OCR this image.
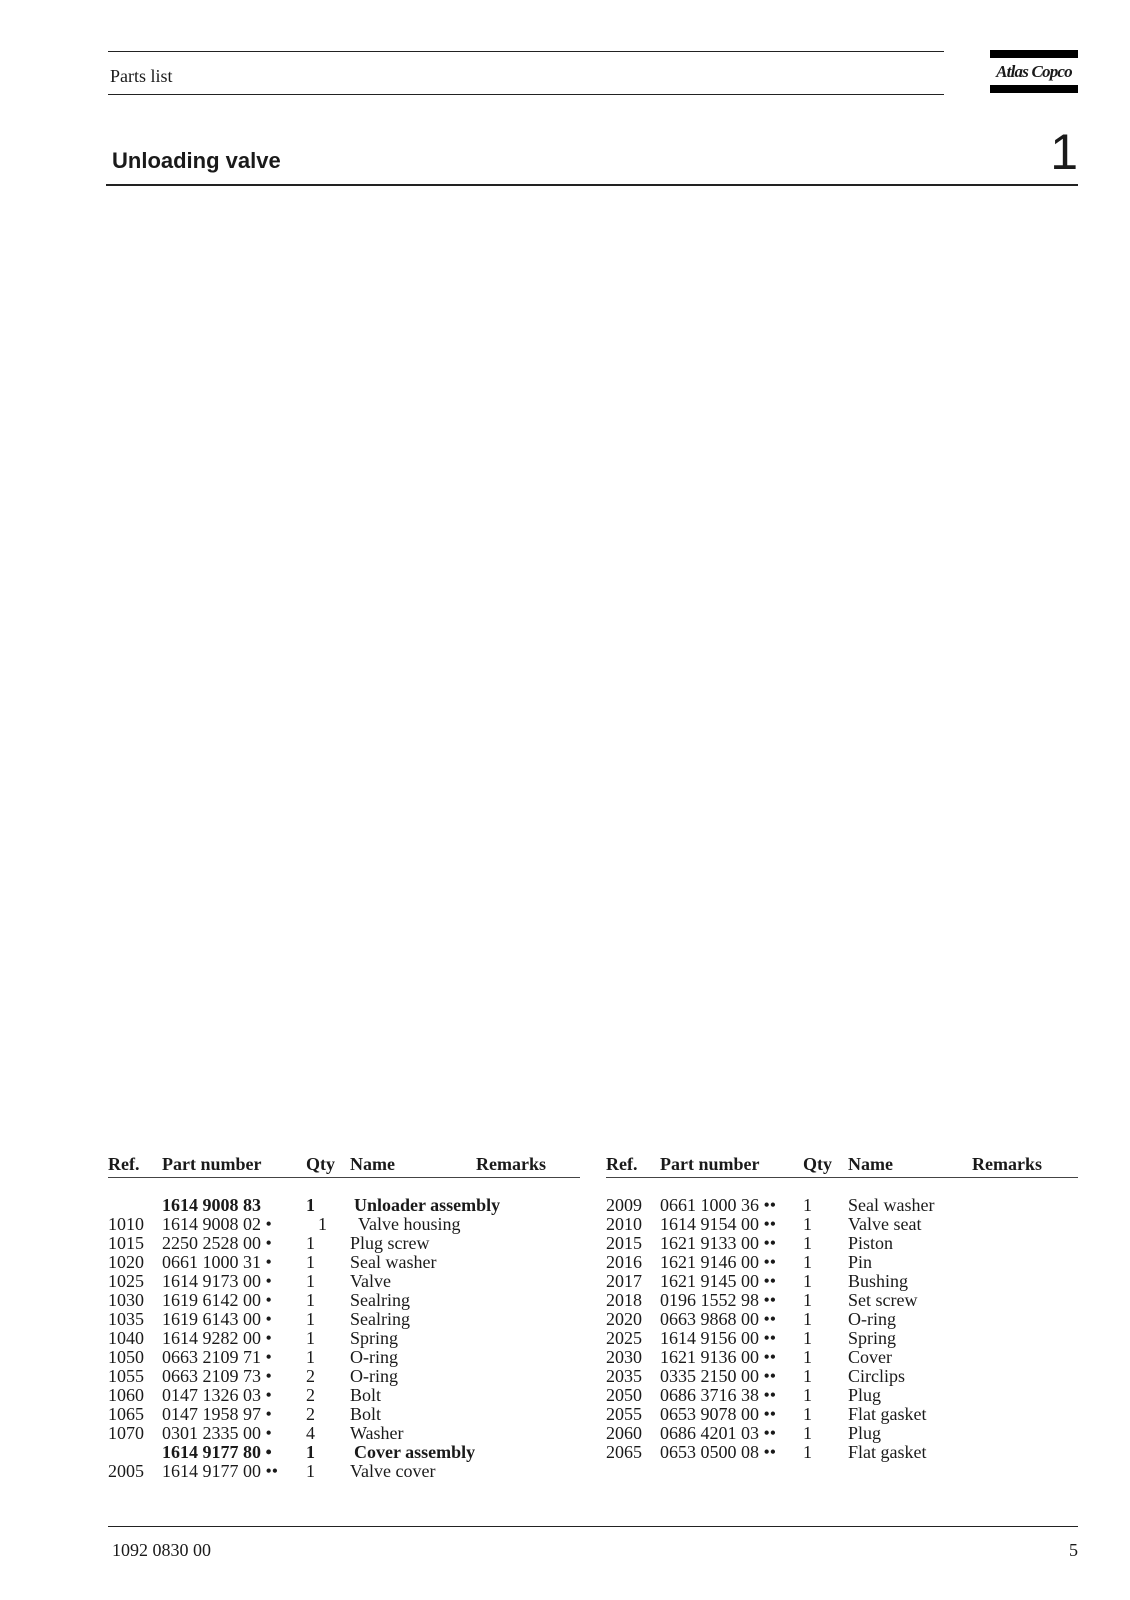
Parts list	Atlas Copco
Unloading valve	1
Ref. Part number Qty Name	Remarks
1614 9008 83	1 Unloader assembly
1010 1614 9008 02 •	1 Valve housing
1015 2250 2528 00 • 1 Plug screw
1020 0661 1000 31 • 1 Seal washer
1025 1614 9173 00 • 1 Valve
1030 1619 6142 00 • 1 Sealring
1035 1619 6143 00 • 1 Sealring
1040 1614 9282 00 • 1 Spring
1050 0663 2109 71 • 1 O-ring
1055 0663 2109 73 • 2 O-ring
1060 0147 1326 03 • 2 Bolt
1065 0147 1958 97 • 2 Bolt
1070 0301 2335 00 • 4 Washer
1614 9177 80 • 1 Cover assembly
2005 1614 9177 00 •• 1 Valve cover
Ref. Part number Qty Name	Remarks
2009 0661 1000 36 •• 1 Seal washer
2010 1614 9154 00 •• 1 Valve seat
2015 1621 9133 00 •• 1 Piston
2016 1621 9146 00 •• 1 Pin
2017 1621 9145 00 •• 1 Bushing
2018 0196 1552 98 •• 1 Set screw
2020 0663 9868 00 •• 1 O-ring
2025 1614 9156 00 •• 1 Spring
2030 1621 9136 00 •• 1 Cover
2035 0335 2150 00 •• 1 Circlips
2050 0686 3716 38 •• 1 Plug
2055 0653 9078 00 •• 1 Flat gasket
2060 0686 4201 03 •• 1 Plug
2065 0653 0500 08 •• 1 Flat gasket
1092 0830 00	5
